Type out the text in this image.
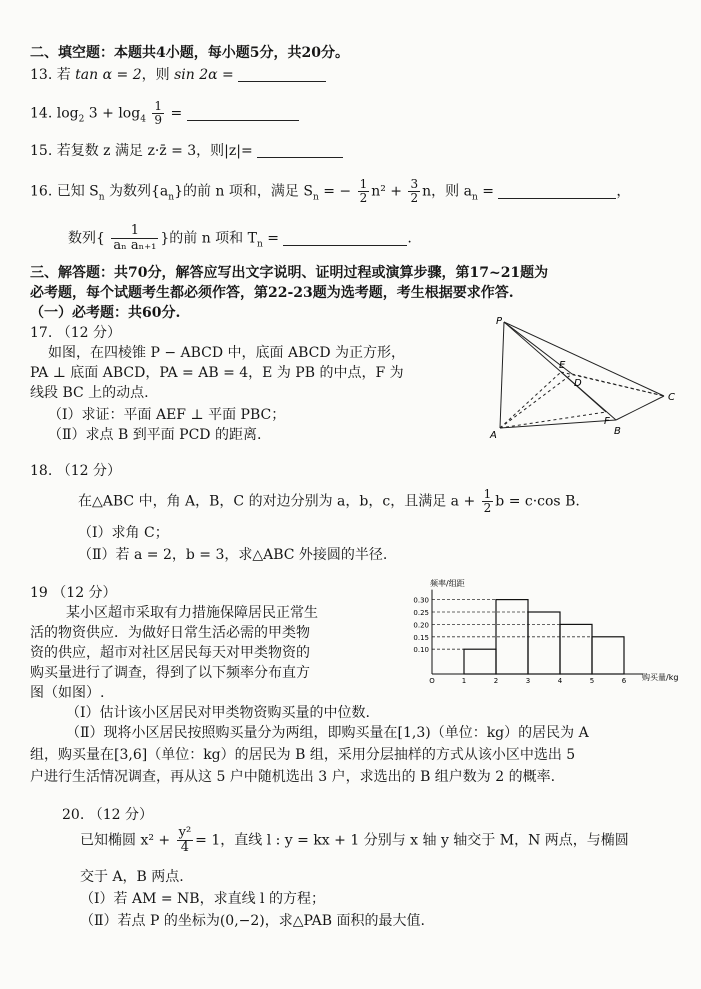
二、填空题：本题共4小题，每小题5分，共20分。
13. 若 tan α = 2，则 sin 2α =
14. $\log_2 3 + \log_4 \frac{1}{9}$ =
15. 若复数 z 满足 z·z̄ = 3，则|z|=
16. 已知 $S_n$ 为数列$\{a_n\}$的前 n 项和，满足 $S_n$ = − $\frac{1}{2} n^2 + \frac{3}{2}$ n，则 $a_n$ =	，
数列{ $\frac{1}{\text{aₙ aₙ₊₁}}$ }的前 n 项和 $T_n$ =	.
三、解答题：共70分，解答应写出文字说明、证明过程或演算步骤，第17~21题为
必考题，每个试题考生都必须作答，第22-23题为选考题，考生根据要求作答.
（一）必考题：共60分.
17. （12 分）
如图，在四棱锥 P − ABCD 中，底面 ABCD 为正方形，
PA ⊥ 底面 ABCD，PA = AB = 4，E 为 PB 的中点，F 为
线段 BC 上的动点.
（Ⅰ）求证：平面 AEF ⊥ 平面 PBC；
（Ⅱ）求点 B 到平面 PCD 的距离.
P
A	B
C
D
E
F
18. （12 分）
在△ABC 中，角 A，B，C 的对边分别为 a，b，c，且满足 $a + \frac{1}{2}$ b = c·cos B.
（Ⅰ）求角 C；
（Ⅱ）若 a = 2，b = 3，求△ABC 外接圆的半径.
19 （12 分）
某小区超市采取有力措施保障居民正常生
活的物资供应．为做好日常生活必需的甲类物
资的供应，超市对社区居民每天对甲类物资的
购买量进行了调查，得到了以下频率分布直方
图（如图）.
（Ⅰ）估计该小区居民对甲类物资购买量的中位数.
（Ⅱ）现将小区居民按照购买量分为两组，即购买量在[1,3)（单位：kg）的居民为 A
组，购买量在[3,6]（单位：kg）的居民为 B 组，采用分层抽样的方式从该小区中选出 5
户进行生活情况调查，再从这 5 户中随机选出 3 户，求选出的 B 组户数为 2 的概率.
0.30
0.25
0.20
0.15
0.10
O	1	2	3	4	5	6
频率/组距
购买量/kg
20. （12 分）
已知椭圆 $x^2 + \frac{\text{y²}}{4} = 1$，直线 l : y = kx + 1 分别与 x 轴 y 轴交于 M，N 两点，与椭圆
交于 A，B 两点.
（Ⅰ）若 AM = NB，求直线 l 的方程；
（Ⅱ）若点 P 的坐标为(0,−2)，求△PAB 面积的最大值.
